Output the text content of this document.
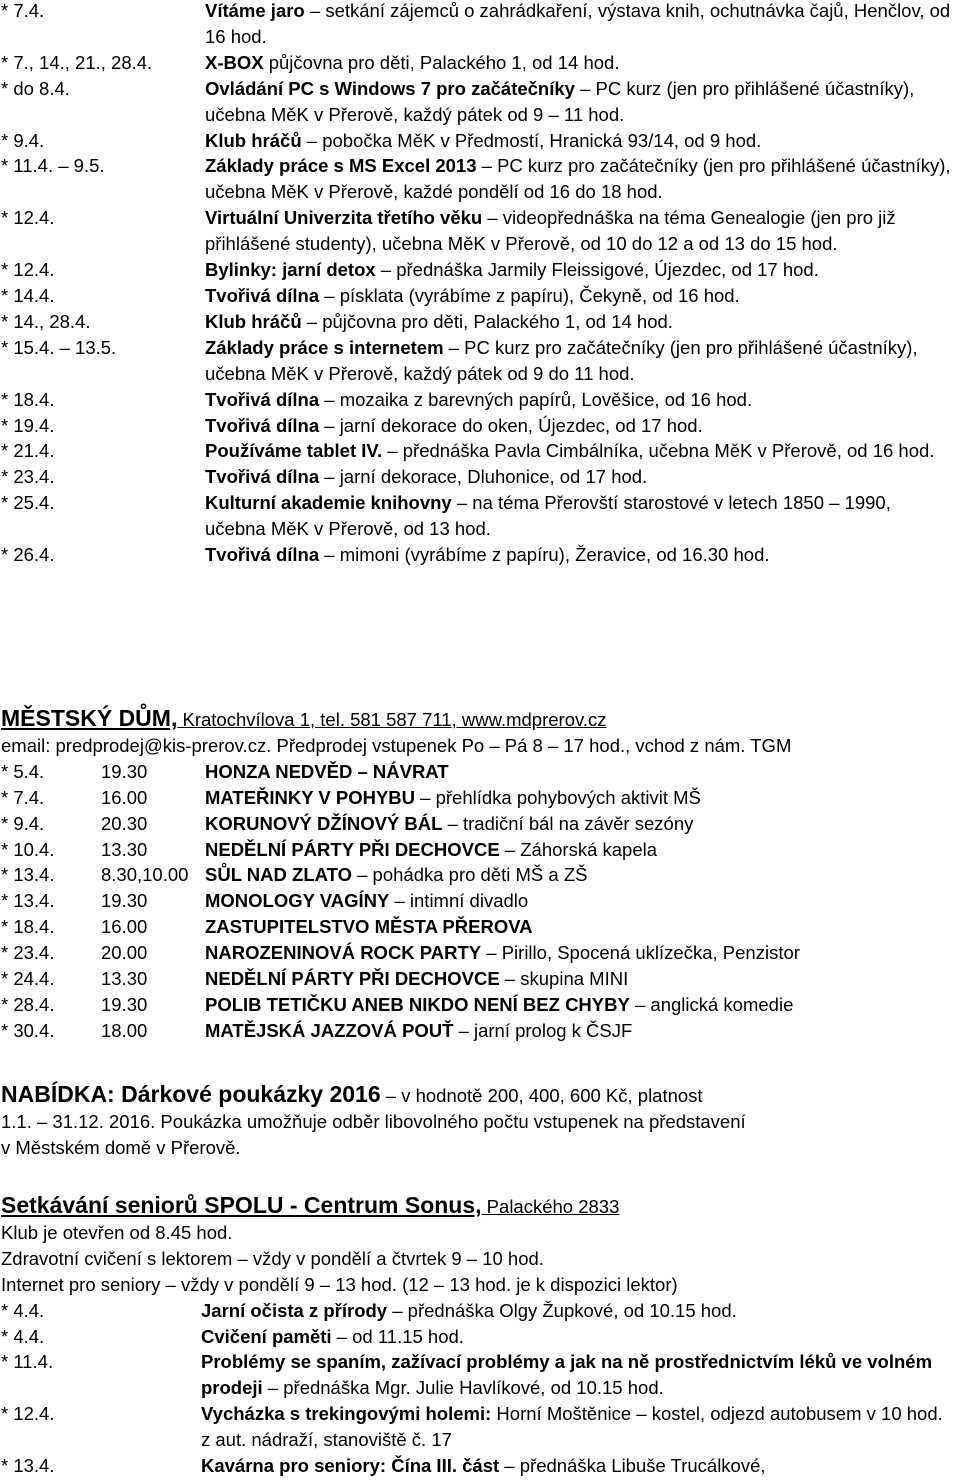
* 7.4.	Vítáme jaro – setkání zájemců o zahrádkaření, výstava knih, ochutnávka čajů, Henčlov, od 16 hod.
* 7., 14., 21., 28.4.	X-BOX půjčovna pro děti, Palackého 1, od 14 hod.
* do 8.4.	Ovládání PC s Windows 7 pro začátečníky – PC kurz (jen pro přihlášené účastníky), učebna MěK v Přerově, každý pátek od 9 – 11 hod.
* 9.4.	Klub hráčů – pobočka MěK v Předmostí, Hranická 93/14, od 9 hod.
* 11.4. – 9.5.	Základy práce s MS Excel 2013 – PC kurz pro začátečníky (jen pro přihlášené účastníky), učebna MěK v Přerově, každé pondělí od 16 do 18 hod.
* 12.4.	Virtuální Univerzita třetího věku – videopřednáška na téma Genealogie (jen pro již přihlášené studenty), učebna MěK v Přerově, od 10 do 12 a od 13 do 15 hod.
* 12.4.	Bylinky: jarní detox – přednáška Jarmily Fleissigové, Újezdec, od 17 hod.
* 14.4.	Tvořivá dílna – písklata (vyrábíme z papíru), Čekyně, od 16 hod.
* 14., 28.4.	Klub hráčů – půjčovna pro děti, Palackého 1, od 14 hod.
* 15.4. – 13.5.	Základy práce s internetem – PC kurz pro začátečníky (jen pro přihlášené účastníky), učebna MěK v Přerově, každý pátek od 9 do 11 hod.
* 18.4.	Tvořivá dílna – mozaika z barevných papírů, Lověšice, od 16 hod.
* 19.4.	Tvořivá dílna – jarní dekorace do oken, Újezdec, od 17 hod.
* 21.4.	Používáme tablet IV. – přednáška Pavla Cimbálníka, učebna MěK v Přerově, od 16 hod.
* 23.4.	Tvořivá dílna – jarní dekorace, Dluhonice, od 17 hod.
* 25.4.	Kulturní akademie knihovny – na téma Přerovští starostové v letech 1850 – 1990, učebna MěK v Přerově, od 13 hod.
* 26.4.	Tvořivá dílna – mimoni (vyrábíme z papíru), Žeravice, od 16.30 hod.
MĚSTSKÝ DŮM, Kratochvílova 1, tel. 581 587 711, www.mdprerov.cz
email: predprodej@kis-prerov.cz. Předprodej vstupenek Po – Pá 8 – 17 hod., vchod z nám. TGM
* 5.4.	19.30	HONZA NEDVĚD – NÁVRAT
* 7.4.	16.00	MATEŘINKY V POHYBU – přehlídka pohybových aktivit MŠ
* 9.4.	20.30	KORUNOVÝ DŽÍNOVÝ BÁL – tradiční bál na závěr sezóny
* 10.4.	13.30	NEDĚLNÍ PÁRTY PŘI DECHOVCE – Záhorská kapela
* 13.4.	8.30,10.00 SŮL NAD ZLATO – pohádka pro děti MŠ a ZŠ
* 13.4.	19.30	MONOLOGY VAGÍNY – intimní divadlo
* 18.4.	16.00	ZASTUPITELSTVO MĚSTA PŘEROVA
* 23.4.	20.00	NAROZENINOVÁ ROCK PARTY – Pirillo, Spocená uklízečka, Penzistor
* 24.4.	13.30	NEDĚLNÍ PÁRTY PŘI DECHOVCE – skupina MINI
* 28.4.	19.30	POLIB TETIČKU ANEB NIKDO NENÍ BEZ CHYBY – anglická komedie
* 30.4.	18.00	MATĚJSKÁ JAZZOVÁ POUŤ – jarní prolog k ČSJF
NABÍDKA: Dárkové poukázky 2016 – v hodnotě 200, 400, 600 Kč, platnost
1.1. – 31.12. 2016. Poukázka umožňuje odběr libovolného počtu vstupenek na představení
v Městském domě v Přerově.
Setkávání seniorů SPOLU - Centrum Sonus, Palackého 2833
Klub je otevřen od 8.45 hod.
Zdravotní cvičení s lektorem – vždy v pondělí a čtvrtek 9 – 10 hod.
Internet pro seniory – vždy v pondělí 9 – 13 hod. (12 – 13 hod. je k dispozici lektor)
* 4.4.	Jarní očista z přírody – přednáška Olgy Župkové, od 10.15 hod.
* 4.4.	Cvičení paměti – od 11.15 hod.
* 11.4.	Problémy se spaním, zažívací problémy a jak na ně prostřednictvím léků ve volném prodeji – přednáška Mgr. Julie Havlíkové, od 10.15 hod.
* 12.4.	Vycházka s trekingovými holemi: Horní Moštěnice – kostel, odjezd autobusem v 10 hod. z aut. nádraží, stanoviště č. 17
* 13.4.	Kavárna pro seniory: Čína III. část – přednáška Libuše Trucálkové,
